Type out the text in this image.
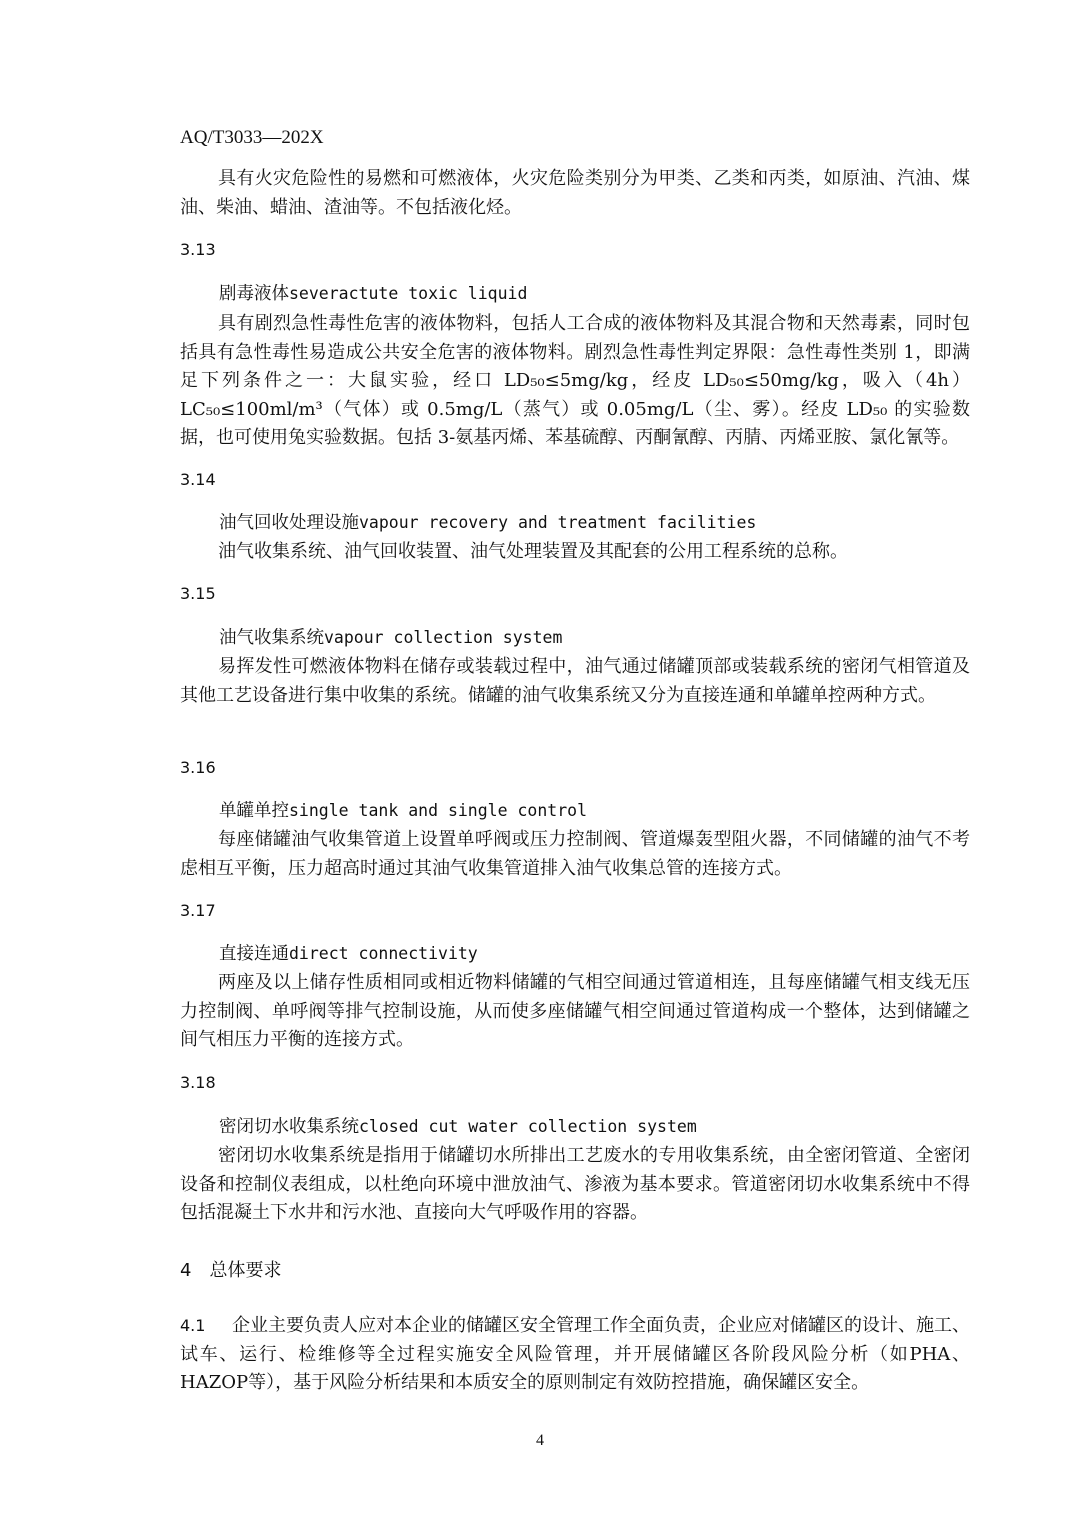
AQ/T3033—202X

具有火灾危险性的易燃和可燃液体，火灾危险类别分为甲类、乙类和丙类，如原油、汽油、煤油、柴油、蜡油、渣油等。不包括液化烃。

3.13
剧毒液体severactute toxic liquid

具有剧烈急性毒性危害的液体物料，包括人工合成的液体物料及其混合物和天然毒素，同时包括具有急性毒性易造成公共安全危害的液体物料。剧烈急性毒性判定界限：急性毒性类别 1，即满足下列条件之一：大鼠实验，经口 LD₅₀≤5mg/kg，经皮 LD₅₀≤50mg/kg，吸入（4h）LC₅₀≤100ml/m³（气体）或 0.5mg/L（蒸气）或 0.05mg/L（尘、雾）。经皮 LD₅₀ 的实验数据，也可使用兔实验数据。包括 3-氨基丙烯、苯基硫醇、丙酮氰醇、丙腈、丙烯亚胺、氯化氰等。

3.14
油气回收处理设施vapour recovery and treatment facilities

油气收集系统、油气回收装置、油气处理装置及其配套的公用工程系统的总称。

3.15
油气收集系统vapour collection system

易挥发性可燃液体物料在储存或装载过程中，油气通过储罐顶部或装载系统的密闭气相管道及其他工艺设备进行集中收集的系统。储罐的油气收集系统又分为直接连通和单罐单控两种方式。

3.16
单罐单控single tank and single control

每座储罐油气收集管道上设置单呼阀或压力控制阀、管道爆轰型阻火器，不同储罐的油气不考虑相互平衡，压力超高时通过其油气收集管道排入油气收集总管的连接方式。

3.17
直接连通direct connectivity

两座及以上储存性质相同或相近物料储罐的气相空间通过管道相连，且每座储罐气相支线无压力控制阀、单呼阀等排气控制设施，从而使多座储罐气相空间通过管道构成一个整体，达到储罐之间气相压力平衡的连接方式。

3.18
密闭切水收集系统closed cut water collection system

密闭切水收集系统是指用于储罐切水所排出工艺废水的专用收集系统，由全密闭管道、全密闭设备和控制仪表组成，以杜绝向环境中泄放油气、渗液为基本要求。管道密闭切水收集系统中不得包括混凝土下水井和污水池、直接向大气呼吸作用的容器。

4 总体要求

4.1 企业主要负责人应对本企业的储罐区安全管理工作全面负责，企业应对储罐区的设计、施工、试车、运行、检维修等全过程实施安全风险管理，并开展储罐区各阶段风险分析（如PHA、HAZOP等），基于风险分析结果和本质安全的原则制定有效防控措施，确保罐区安全。

4
